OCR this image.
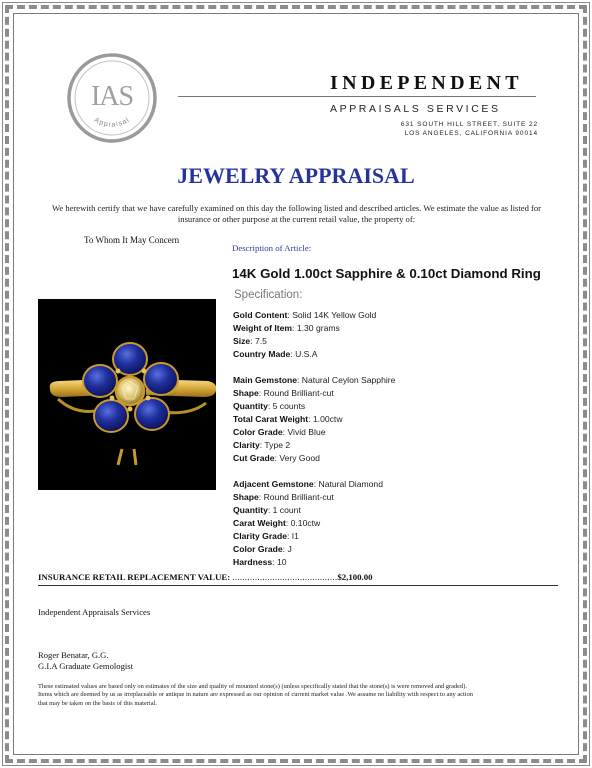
IAS
Appraisal
INDEPENDENT
APPRAISALS SERVICES
631 SOUTH HILL STREET, SUITE 22
LOS ANGELES, CALIFORNIA 90014
JEWELRY APPRAISAL
We herewith certify that we have carefully examined on this day the following listed and described articles. We estimate the value as listed for insurance or other purpose at the current retail value, the property of:
To Whom It May Concern
Description of Article:
14K Gold 1.00ct Sapphire & 0.10ct Diamond Ring
Specification:
Gold Content: Solid 14K Yellow Gold
Weight of Item: 1.30 grams
Size: 7.5
Country Made: U.S.A
Main Gemstone: Natural Ceylon Sapphire
Shape: Round Brilliant-cut
Quantity: 5 counts
Total Carat Weight: 1.00ctw
Color Grade: Vivid Blue
Clarity: Type 2
Cut Grade: Very Good
Adjacent Gemstone: Natural Diamond
Shape: Round Brilliant-cut
Quantity: 1 count
Carat Weight: 0.10ctw
Clarity Grade: I1
Color Grade: J
Hardness: 10
INSURANCE RETAIL REPLACEMENT VALUE: ..........................................$2,100.00
Independent Appraisals Services
Roger Benatar, G.G.
G.I.A Graduate Gemologist
These estimated values are based only on estimates of the size and quality of mounted stone(s) (unless specifically stated that the stone(s) is were removed and graded). Items which are deemed by us as irreplaceable or antique in nature are expressed as our opinion of current market value .We assume no liability with respect to any action that may be taken on the basis of this material.
